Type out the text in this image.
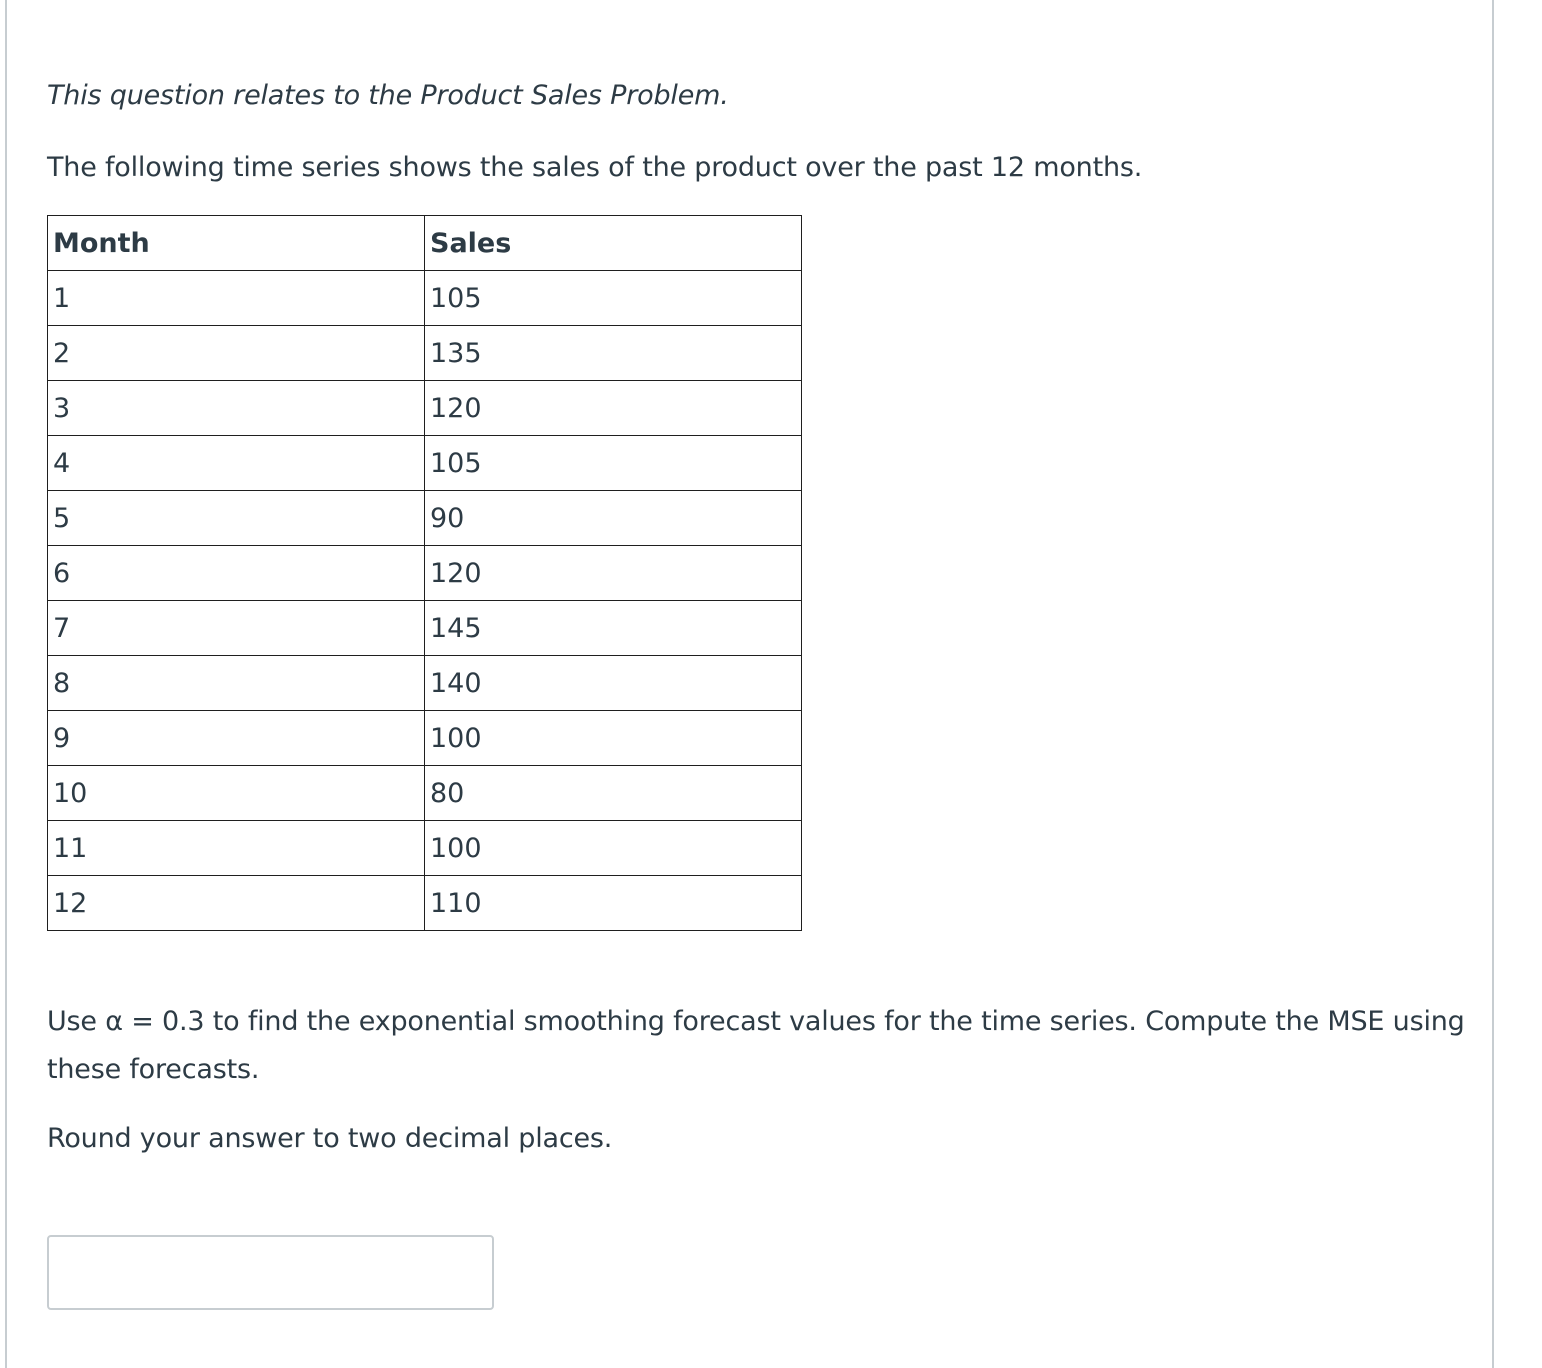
This question relates to the Product Sales Problem.

The following time series shows the sales of the product over the past 12 months.

Month	Sales
1	105
2	135
3	120
4	105
5	90
6	120
7	145
8	140
9	100
10	80
11	100
12	110

Use α = 0.3 to find the exponential smoothing forecast values for the time series. Compute the MSE using these forecasts.

Round your answer to two decimal places.
